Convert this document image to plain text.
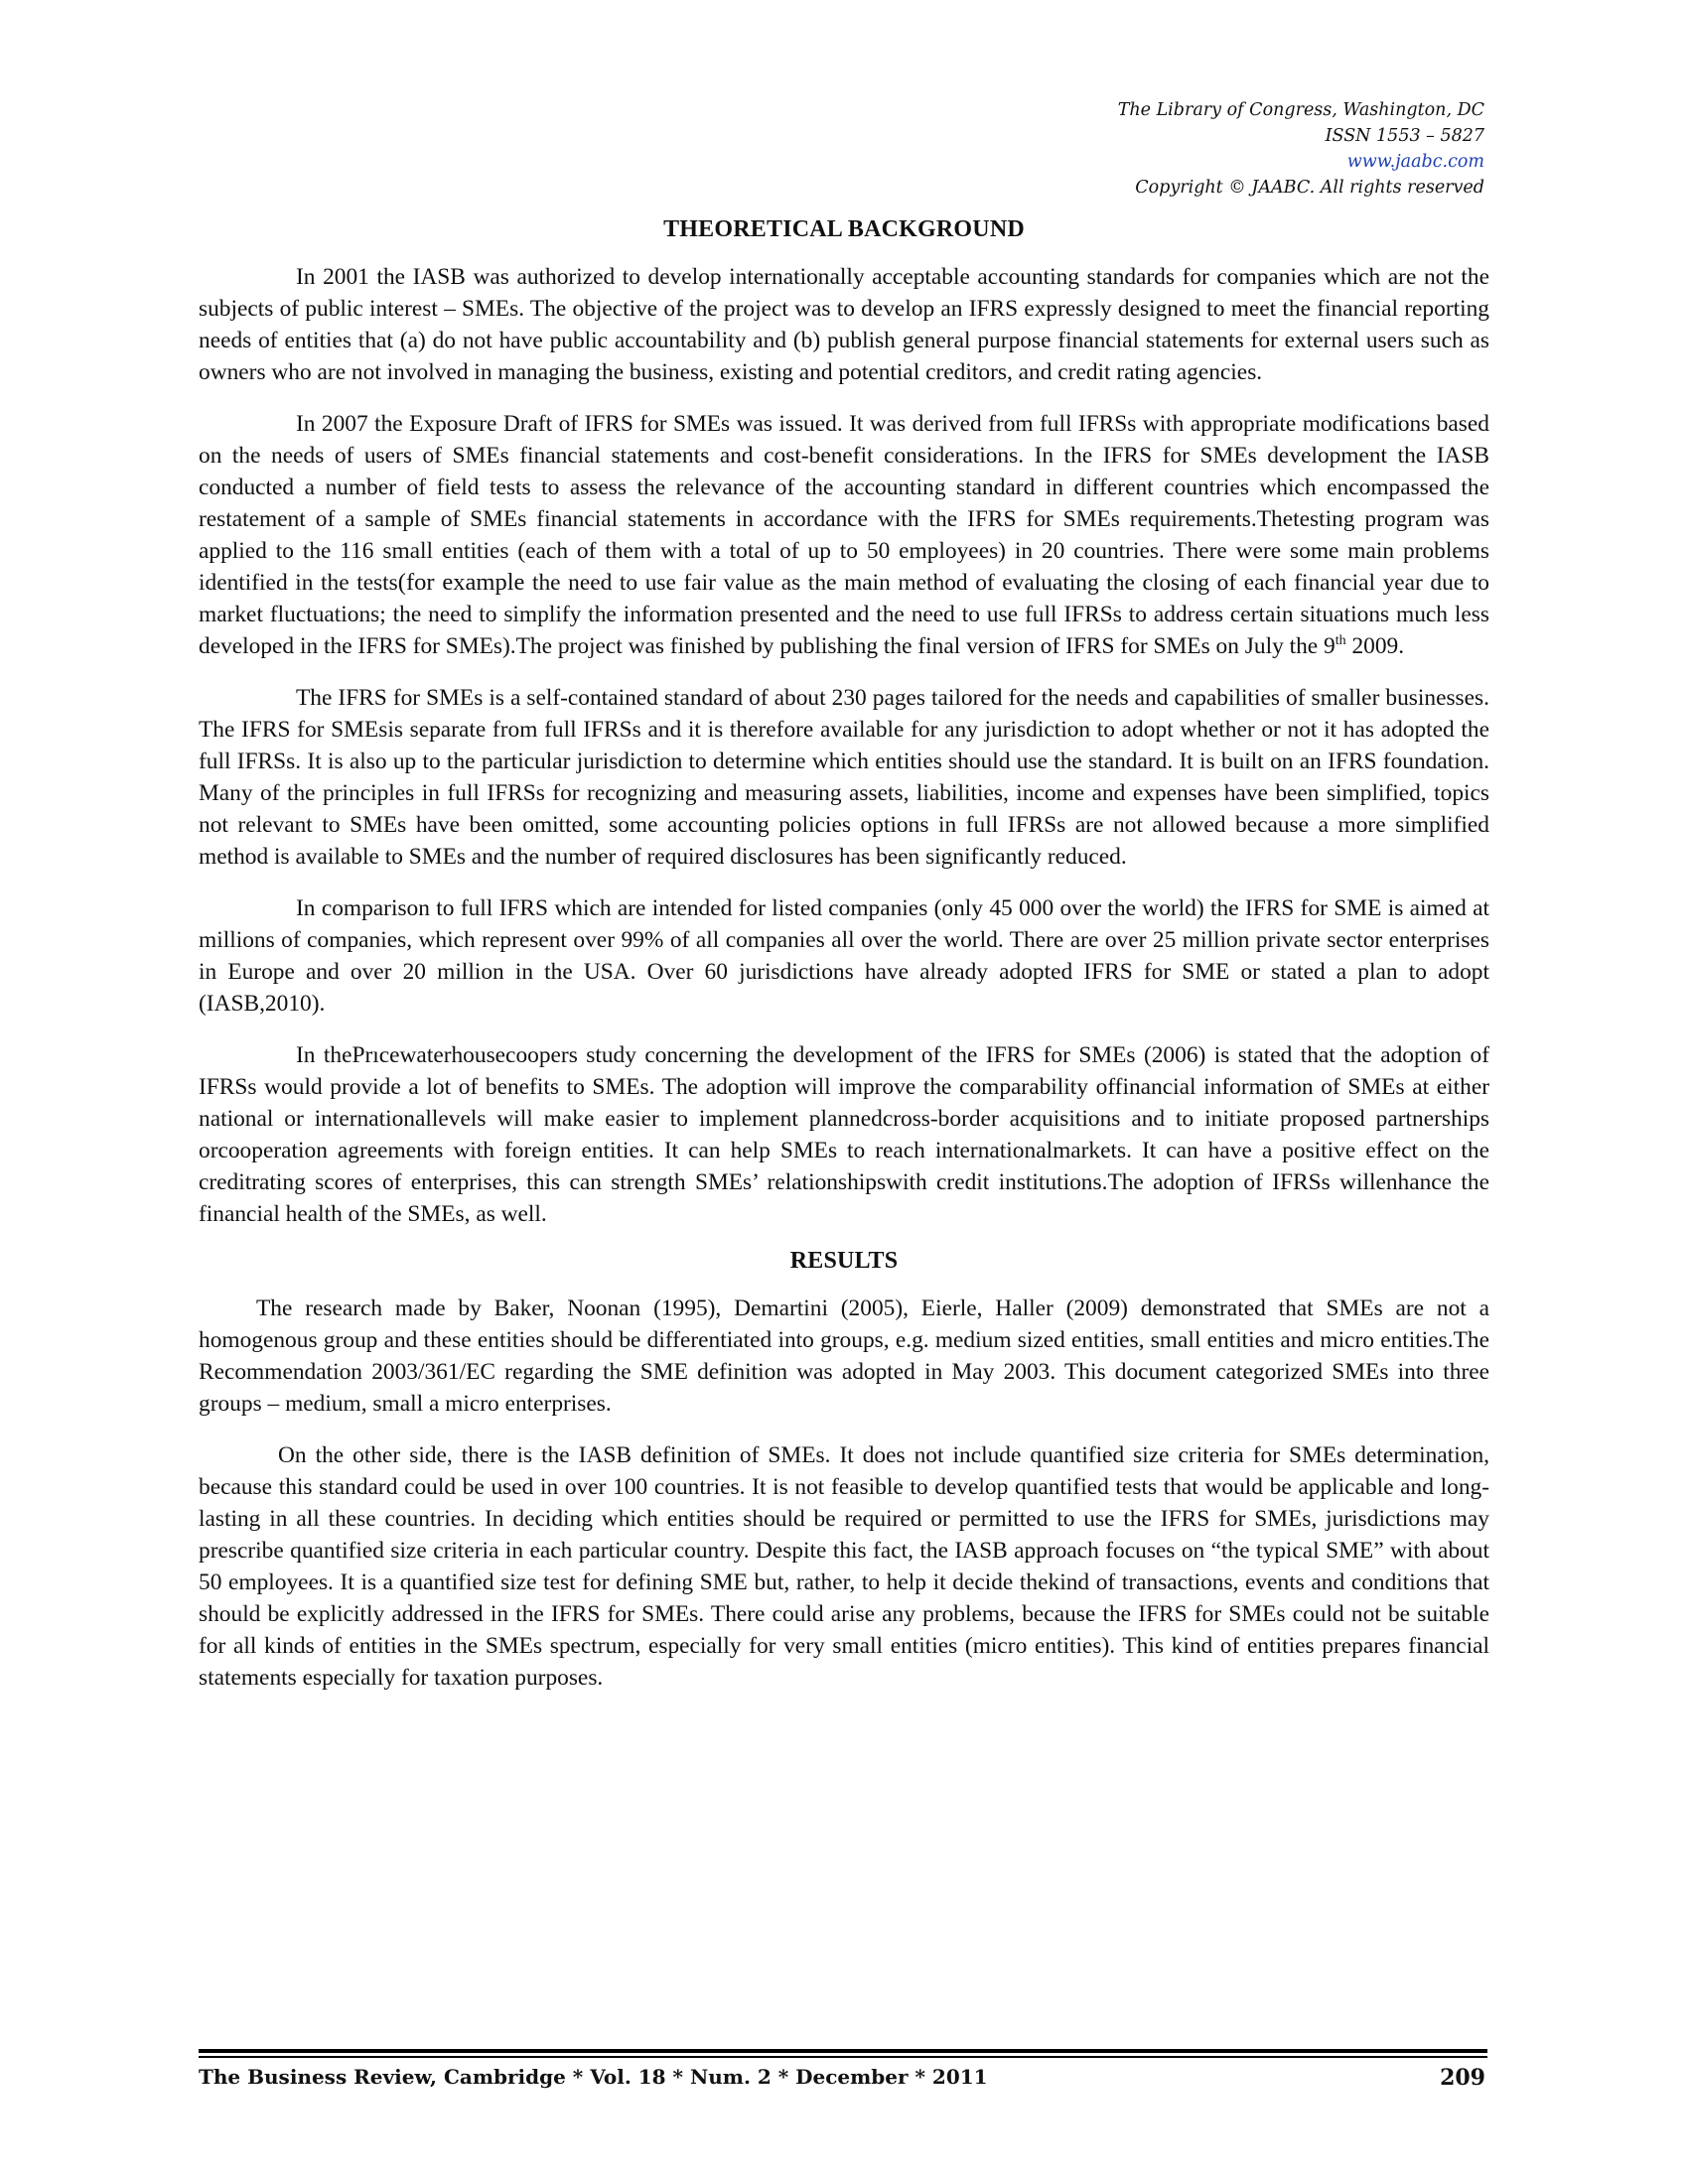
The Library of Congress, Washington, DC
ISSN 1553 – 5827
www.jaabc.com
Copyright © JAABC. All rights reserved
THEORETICAL BACKGROUND

In 2001 the IASB was authorized to develop internationally acceptable accounting standards for companies which are not the subjects of public interest – SMEs. The objective of the project was to develop an IFRS expressly designed to meet the financial reporting needs of entities that (a) do not have public accountability and (b) publish general purpose financial statements for external users such as owners who are not involved in managing the business, existing and potential creditors, and credit rating agencies.

In 2007 the Exposure Draft of IFRS for SMEs was issued. It was derived from full IFRSs with appropriate modifications based on the needs of users of SMEs financial statements and cost-benefit considerations. In the IFRS for SMEs development the IASB conducted a number of field tests to assess the relevance of the accounting standard in different countries which encompassed the restatement of a sample of SMEs financial statements in accordance with the IFRS for SMEs requirements.Thetesting program was applied to the 116 small entities (each of them with a total of up to 50 employees) in 20 countries. There were some main problems identified in the tests(for example the need to use fair value as the main method of evaluating the closing of each financial year due to market fluctuations; the need to simplify the information presented and the need to use full IFRSs to address certain situations much less developed in the IFRS for SMEs).The project was finished by publishing the final version of IFRS for SMEs on July the 9th 2009.

The IFRS for SMEs is a self-contained standard of about 230 pages tailored for the needs and capabilities of smaller businesses. The IFRS for SMEsis separate from full IFRSs and it is therefore available for any jurisdiction to adopt whether or not it has adopted the full IFRSs. It is also up to the particular jurisdiction to determine which entities should use the standard. It is built on an IFRS foundation. Many of the principles in full IFRSs for recognizing and measuring assets, liabilities, income and expenses have been simplified, topics not relevant to SMEs have been omitted, some accounting policies options in full IFRSs are not allowed because a more simplified method is available to SMEs and the number of required disclosures has been significantly reduced.

In comparison to full IFRS which are intended for listed companies (only 45 000 over the world) the IFRS for SME is aimed at millions of companies, which represent over 99% of all companies all over the world. There are over 25 million private sector enterprises in Europe and over 20 million in the USA. Over 60 jurisdictions have already adopted IFRS for SME or stated a plan to adopt (IASB,2010).

In thePrıcewaterhousecoopers study concerning the development of the IFRS for SMEs (2006) is stated that the adoption of IFRSs would provide a lot of benefits to SMEs. The adoption will improve the comparability offinancial information of SMEs at either national or internationallevels will make easier to implement plannedcross-border acquisitions and to initiate proposed partnerships orcooperation agreements with foreign entities. It can help SMEs to reach internationalmarkets. It can have a positive effect on the creditrating scores of enterprises, this can strength SMEs’ relationshipswith credit institutions.The adoption of IFRSs willenhance the financial health of the SMEs, as well.

RESULTS

The research made by Baker, Noonan (1995), Demartini (2005), Eierle, Haller (2009) demonstrated that SMEs are not a homogenous group and these entities should be differentiated into groups, e.g. medium sized entities, small entities and micro entities.The Recommendation 2003/361/EC regarding the SME definition was adopted in May 2003. This document categorized SMEs into three groups – medium, small a micro enterprises.

On the other side, there is the IASB definition of SMEs. It does not include quantified size criteria for SMEs determination, because this standard could be used in over 100 countries. It is not feasible to develop quantified tests that would be applicable and long-lasting in all these countries. In deciding which entities should be required or permitted to use the IFRS for SMEs, jurisdictions may prescribe quantified size criteria in each particular country. Despite this fact, the IASB approach focuses on “the typical SME” with about 50 employees. It is a quantified size test for defining SME but, rather, to help it decide thekind of transactions, events and conditions that should be explicitly addressed in the IFRS for SMEs. There could arise any problems, because the IFRS for SMEs could not be suitable for all kinds of entities in the SMEs spectrum, especially for very small entities (micro entities). This kind of entities prepares financial statements especially for taxation purposes.

The Business Review, Cambridge * Vol. 18 * Num. 2 * December * 2011	209
